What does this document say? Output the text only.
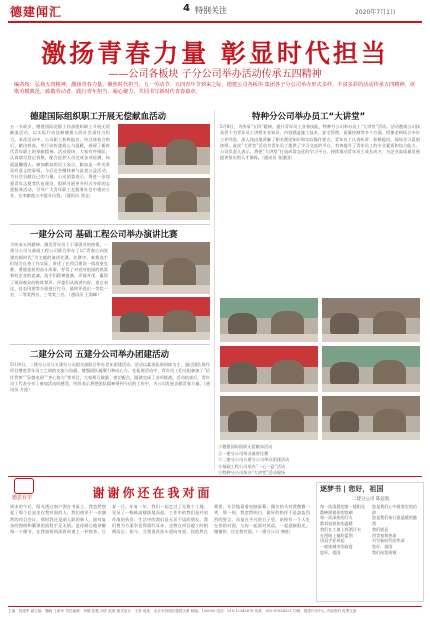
德建闻汇	4 特别关注	2020年7月1日
激扬青春力量 彰显时代担当
——公司各板块 子分公司举办活动传承五四精神
编者按：弘扬五四精神，激扬青春力量。聚焦时代担当，五一劳动节、五四青年节到来之际，德建公司各板块 集团各子分公司举办形式多样，丰富多彩的活动传承五四精神，讴歌劳模典范，致敬劳动者，践行青年担当，凝心聚力，共同书写新时代青春篇章。
德建国际组织职工开展无偿献血活动
五一节前夕，德建国际党群工作部组织职工开展无偿献血活动，以实际行动诠释德建人的社会责任与担当。本次活动中，公司职工积极报名，经过体检合格后，献出热血，用行动传递爱心与温暖，展现了新时代青年职工的奉献精神。活动现场，大家有序排队，认真填写登记表格，配合医护人员完成各项检测，场面温馨感人。参加献血的员工表示，献血是一件光荣而有意义的事情，今后还会继续参与此类公益活动，为社会贡献自己的力量。公司团委表示，将进一步加强青年志愿者队伍建设，组织开展更多形式多样的志愿服务活动，引导广大青年职工在服务社会中建功立业，在奉献他人中提升自我。（通讯员 刘文）
一建分公司 基础工程公司举办演讲比赛
为传承五四精神，激发青年员工干事创业的热情，一建分公司与基础工程公司联合举办了以“青春心向党 建功新时代”为主题的演讲比赛。比赛中，参赛选手们结合自身工作实际，讲述了在项目建设一线攻坚克难、勇挑重担的奋斗故事，抒发了对党对祖国的热爱和对企业的忠诚。选手们精神饱满、声情并茂，赢得了现场观众的阵阵掌声。评委们从演讲内容、语言表达、仪态风貌等方面进行打分，最终评选出一等奖一名、二等奖两名、三等奖三名。（通讯员 王海峰）
二建分公司 五建分公司举办团建活动
5月四日，二建分公司与五建分公司团支部联合举办青年团建活动。活动以素质拓展训练为主，通过团队协作项目增进青年员工之间的交流与沟通，增强团队凝聚力和向心力。在拓展活动中，青年员工们分组参加了“信任背摔”“穿越电网”“齐心协力”等项目，大家相互鼓励、密切配合，圆满完成了各项挑战。活动结束后，青年员工代表分享了参加活动的感受，纷纷表示将把团队精神带到今后的工作中，为公司发展贡献青春力量。（通讯员 方进）
特种分公司举办员工“大讲堂”
5月8日，为传承“五四”精神，提升青年员工业务技能，特种分公司举办员工“大讲堂”活动。活动邀请公司技术骨干为青年员工讲授专业知识，内容涵盖施工技术、安全管理、质量控制等多个方面。授课老师结合多年工作经验，深入浅出地讲解了相关理论知识和实际操作要点，青年员工认真听讲、积极提问，现场学习氛围浓厚。此次“大讲堂”活动为青年员工提供了学习交流的平台，有效提升了青年员工的专业素质和综合能力。公司负责人表示，将把“大讲堂”打造成常态化的学习平台，持续推动青年员工成长成才，为企业高质量发展提供坚实的人才保障。（通讯员 张建国）
①德建国际组织无偿献血活动
②一建分公司举办演讲比赛
③二建分公司五建分公司举办团建活动
④基础工程公司举办“一心一意”活动
⑤特种分公司举办“大讲堂”活动现场
德思有学	谢谢你还在我对面
周末的午后，阳光透过窗户洒在书桌上，我忽然想起了那个总是坐在我对面的人。我们相识于一次偶然的项目会议，那时我还是刚入职的新人，面对复杂的图纸和繁琐的流程手足无措。是你耐心地讲解每一个细节，在我加班到深夜时递上一杯热茶。日复一日，年复一年，我们一起走过了无数个工地，见证了一栋栋高楼拔地而起。工作中的我们是并肩作战的伙伴，生活中的我们是无话不谈的朋友。我们曾为方案争论得面红耳赤，也曾在项目竣工时相拥而泣。如今，当我再次抬头望向对面，你依然在那里，专注地看着电脑屏幕，偶尔抬头对我微微一笑。那一刻，我忽然明白，最好的陪伴不是轰轰烈烈的誓言，而是在平凡的日子里，始终有一个人坐在你的对面，与你一起面对风雨，一起迎接阳光。谢谢你，还在我对面。（一建分公司 李晓）
逐梦书 | 您好，祖国
二建分公司 陈远航
每一次清晨的第一缕阳光
都映照着你的容颜
每一次深夜的灯火
都诉说着你的温暖
我们在工地上挥洒汗水
在图纸上描绘蓝图
用双手托举起
一座座城市的高度
您好，祖国
您是我们心中最坚定的信仰
您是我们前行最温暖的港湾
我们愿意
用青春和热血
书写新时代的华章
您好，祖国
我们向您致敬
主编：郭建军 副主编：魏晓 王新华 责任编辑：李娜 张磊 刘洋 赵明 版式设计：王晨 地址：北京市西城区德建大厦 邮编：100000 电话：010-12345678 传真：010-87654321 印刷：德建印务中心 内部资料 免费交流
